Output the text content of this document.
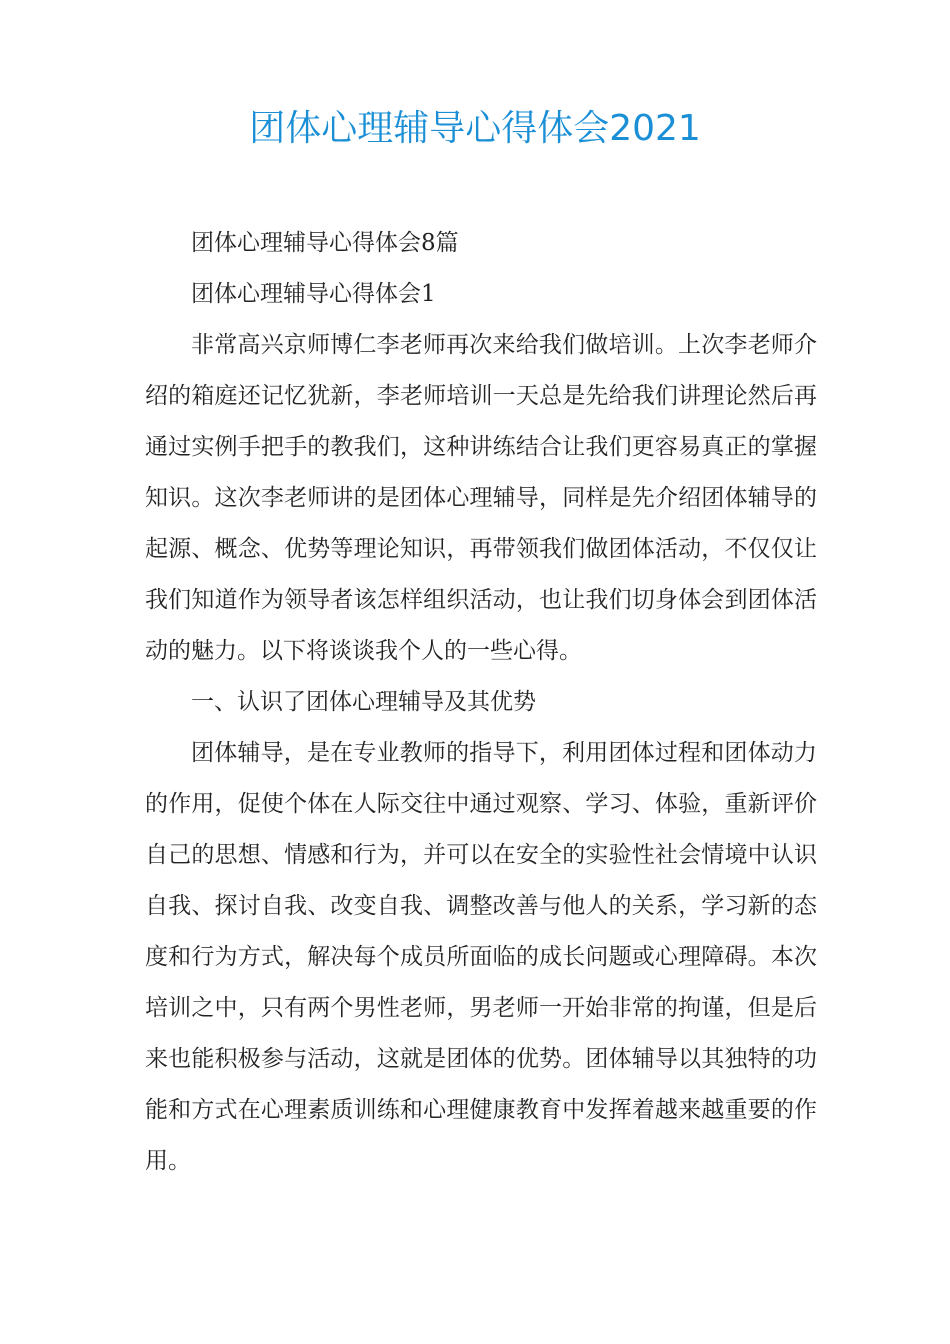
团体心理辅导心得体会2021

团体心理辅导心得体会8篇

团体心理辅导心得体会1

非常高兴京师博仁李老师再次来给我们做培训。上次李老师介绍的箱庭还记忆犹新，李老师培训一天总是先给我们讲理论然后再通过实例手把手的教我们，这种讲练结合让我们更容易真正的掌握知识。这次李老师讲的是团体心理辅导，同样是先介绍团体辅导的起源、概念、优势等理论知识，再带领我们做团体活动，不仅仅让我们知道作为领导者该怎样组织活动，也让我们切身体会到团体活动的魅力。以下将谈谈我个人的一些心得。

一、认识了团体心理辅导及其优势

团体辅导，是在专业教师的指导下，利用团体过程和团体动力的作用，促使个体在人际交往中通过观察、学习、体验，重新评价自己的思想、情感和行为，并可以在安全的实验性社会情境中认识自我、探讨自我、改变自我、调整改善与他人的关系，学习新的态度和行为方式，解决每个成员所面临的成长问题或心理障碍。本次培训之中，只有两个男性老师，男老师一开始非常的拘谨，但是后来也能积极参与活动，这就是团体的优势。团体辅导以其独特的功能和方式在心理素质训练和心理健康教育中发挥着越来越重要的作用。
